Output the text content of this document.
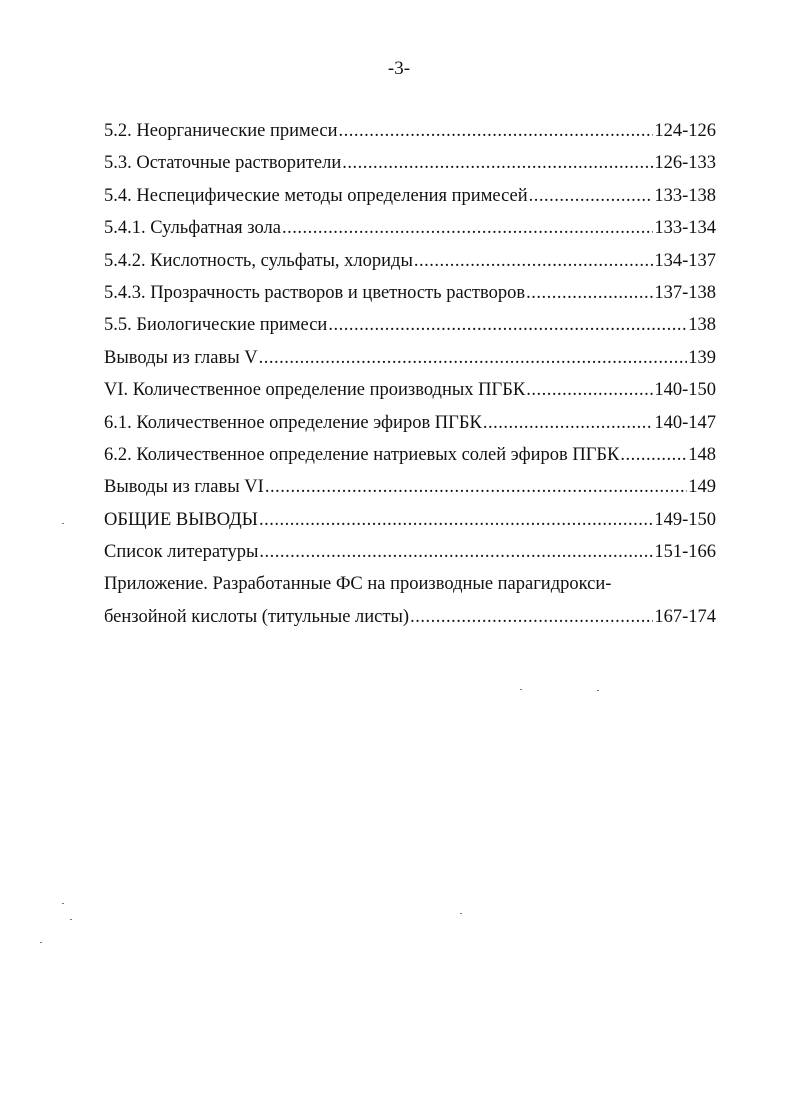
-3-
5.2. Неорганические примеси .....	124-126
5.3. Остаточные растворители .....	126-133
5.4. Неспецифические методы определения примесей .....	133-138
5.4.1. Сульфатная зола .....	133-134
5.4.2. Кислотность, сульфаты, хлориды .....	134-137
5.4.3. Прозрачность растворов и цветность растворов .....	137-138
5.5. Биологические примеси .....	138
Выводы из главы V .....	139
VI. Количественное определение производных ПГБК .....	140-150
6.1. Количественное определение эфиров ПГБК .....	140-147
6.2. Количественное определение натриевых солей эфиров ПГБК .....	148
Выводы из главы VI .....	149
ОБЩИЕ ВЫВОДЫ .....	149-150
Список литературы .....	151-166
Приложение. Разработанные ФС на производные парагидрокси-
бензойной кислоты (титульные листы) .....	167-174
